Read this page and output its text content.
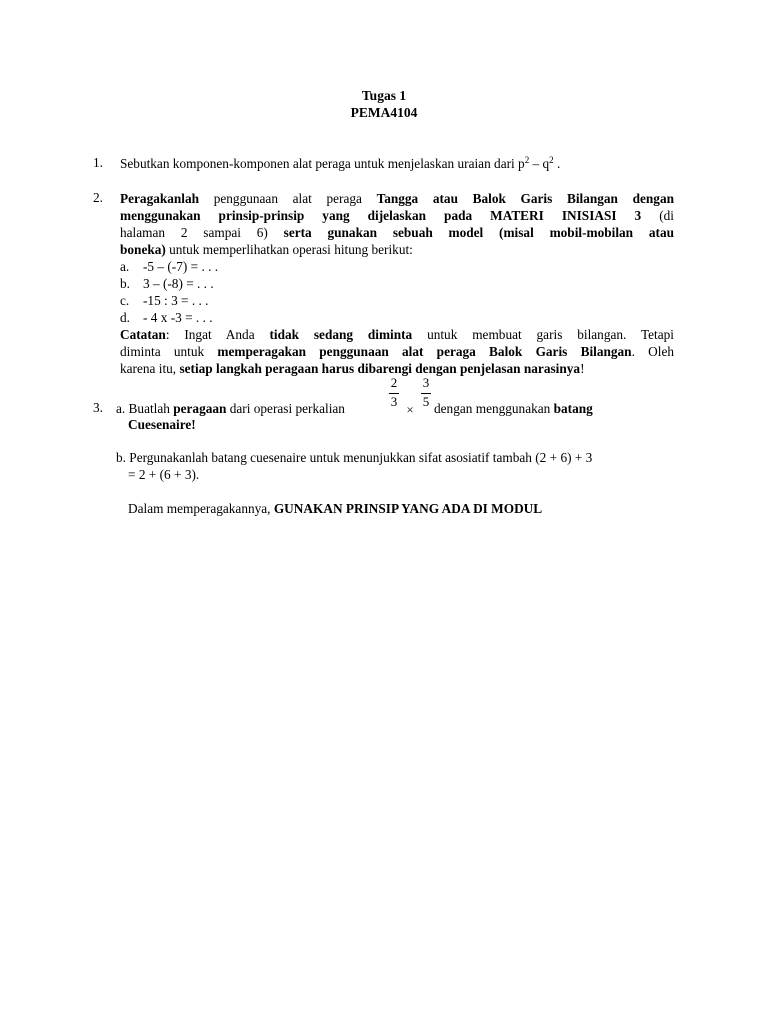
Tugas 1
PEMA4104
1. Sebutkan komponen-komponen alat peraga untuk menjelaskan uraian dari $p^2 - q^2$ .
2. Peragakanlah penggunaan alat peraga Tangga atau Balok Garis Bilangan dengan
menggunakan prinsip-prinsip yang dijelaskan pada MATERI INISIASI 3 (di
halaman 2 sampai 6) serta gunakan sebuah model (misal mobil-mobilan atau
boneka) untuk memperlihatkan operasi hitung berikut:
a. -5 – (-7) = . . .
b. 3 – (-8) = . . .
c. -15 : 3 = . . .
d. - 4 x -3 = . . .
Catatan: Ingat Anda tidak sedang diminta untuk membuat garis bilangan. Tetapi
diminta untuk memperagakan penggunaan alat peraga Balok Garis Bilangan. Oleh
karena itu, setiap langkah peragaan harus dibarengi dengan penjelasan narasinya!
3. a. Buatlah peragaan dari operasi perkalian
2
3
×
3
5 dengan menggunakan batang
Cuesenaire!
b. Pergunakanlah batang cuesenaire untuk menunjukkan sifat asosiatif tambah (2 + 6) + 3
= 2 + (6 + 3).
Dalam memperagakannya, GUNAKAN PRINSIP YANG ADA DI MODUL
